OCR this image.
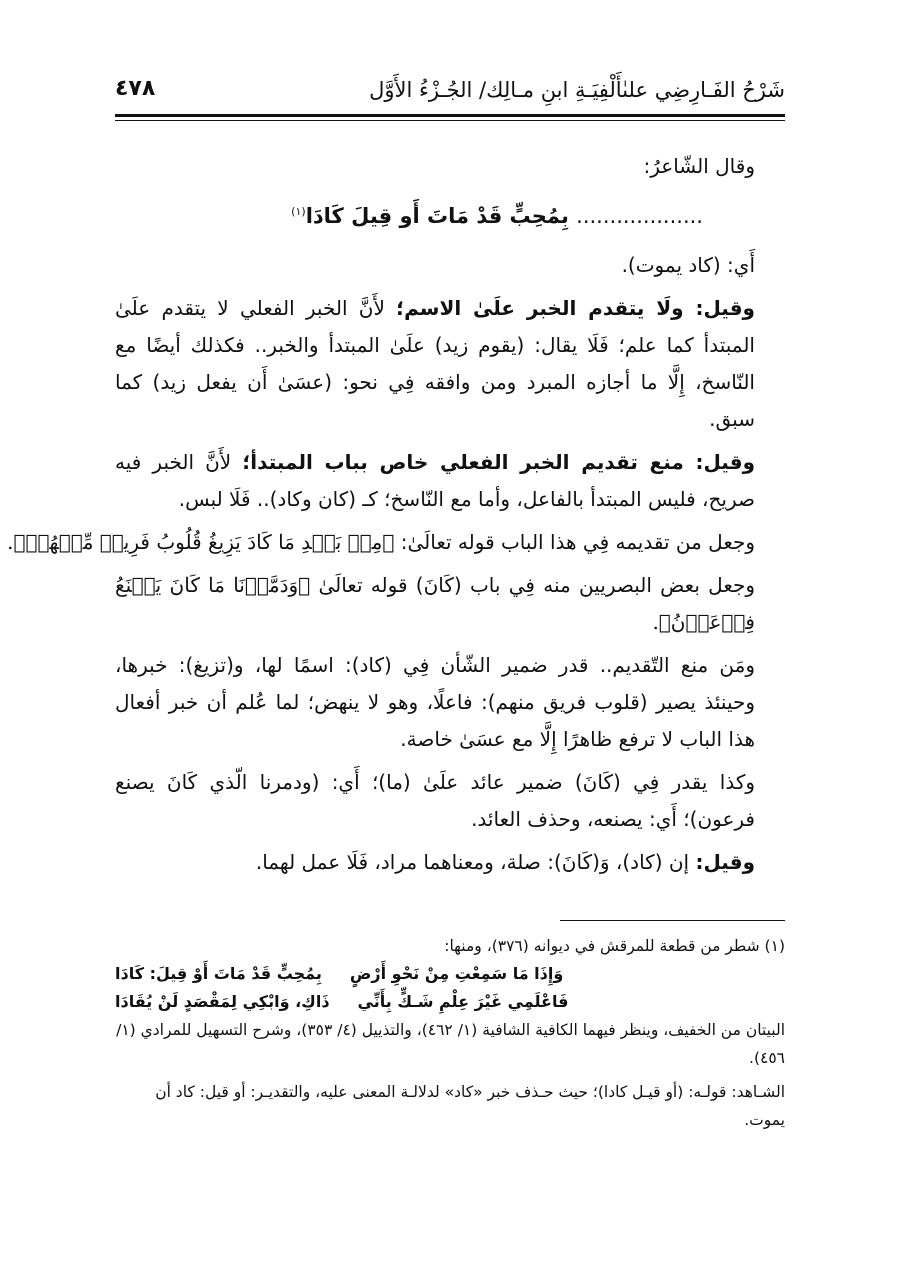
شَرْحُ الفَـارِضِي علىٰأَلْفِيَـةِ ابنِ مـالِك/ الجُـزْءُ الأَوَّل
٤٧٨

وقال الشّاعرُ:

................... بِمُحِبٍّ قَدْ مَاتَ أَو قِيلَ كَادَا$^{(١)}$

أَي: (كاد يموت).

وقيل: ولَا يتقدم الخبر علَىٰ الاسم؛ لأَنَّ الخبر الفعلي لا يتقدم علَىٰ المبتدأ كما علم؛ فَلَا يقال: (يقوم زيد) علَىٰ المبتدأ والخبر.. فكذلك أيضًا مع النّاسخ، إِلَّا ما أجازه المبرد ومن وافقه فِي نحو: (عسَىٰ أَن يفعل زيد) كما سبق.

وقيل: منع تقديم الخبر الفعلي خاص بباب المبتدأ؛ لأَنَّ الخبر فيه صريح، فليس المبتدأ بالفاعل، وأما مع النّاسخ؛ كـ (كان وكاد).. فَلَا لبس.

وجعل من تقديمه فِي هذا الباب قوله تعالَىٰ: ﴿مِنۢ بَعۡدِ مَا كَادَ يَزِيغُ قُلُوبُ فَرِيقٖ مِّنۡهُمۡ﴾.

وجعل بعض البصريين منه فِي باب (كَانَ) قوله تعالَىٰ ﴿وَدَمَّرۡنَا مَا كَانَ يَصۡنَعُ فِرۡعَوۡنُ﴾.

ومَن منع التّقديم.. قدر ضمير الشّأن فِي (كاد): اسمًا لها، و(تزيغ): خبرها، وحينئذ يصير (قلوب فريق منهم): فاعلًا، وهو لا ينهض؛ لما عُلم أن خبر أفعال هذا الباب لا ترفع ظاهرًا إِلَّا مع عسَىٰ خاصة.

وكذا يقدر فِي (كَانَ) ضمير عائد علَىٰ (ما)؛ أَي: (ودمرنا الّذي كَانَ يصنع فرعون)؛ أَي: يصنعه، وحذف العائد.

وقيل: إن (كاد)، وَ(كَانَ): صلة، ومعناهما مراد، فَلَا عمل لهما.

(١) شطر من قطعة للمرقش في ديوانه (٣٧٦)، ومنها:

وَإِذَا مَا سَمِعْتِ مِنْ نَحْوِ أَرْضٍ
بِمُحِبٍّ قَدْ مَاتَ أَوْ قِيلَ: كَادَا
فَاعْلَمِي غَيْرَ عِلْمِ شَـكٍّ بِأَنِّي
ذَاكِ، وَابْكِي لِمَقْصَدٍ لَنْ يُقَادَا

البيتان من الخفيف، وينظر فيهما الكافية الشافية (١/ ٤٦٢)، والتذييل (٤/ ٣٥٣)، وشرح التسهيل للمرادي (١/ ٤٥٦).

الشـاهد: قولـه: (أو قيـل كادا)؛ حيث حـذف خبر «كاد» لدلالـة المعنى عليه، والتقديـر: أو قيل: كاد أن يموت.
